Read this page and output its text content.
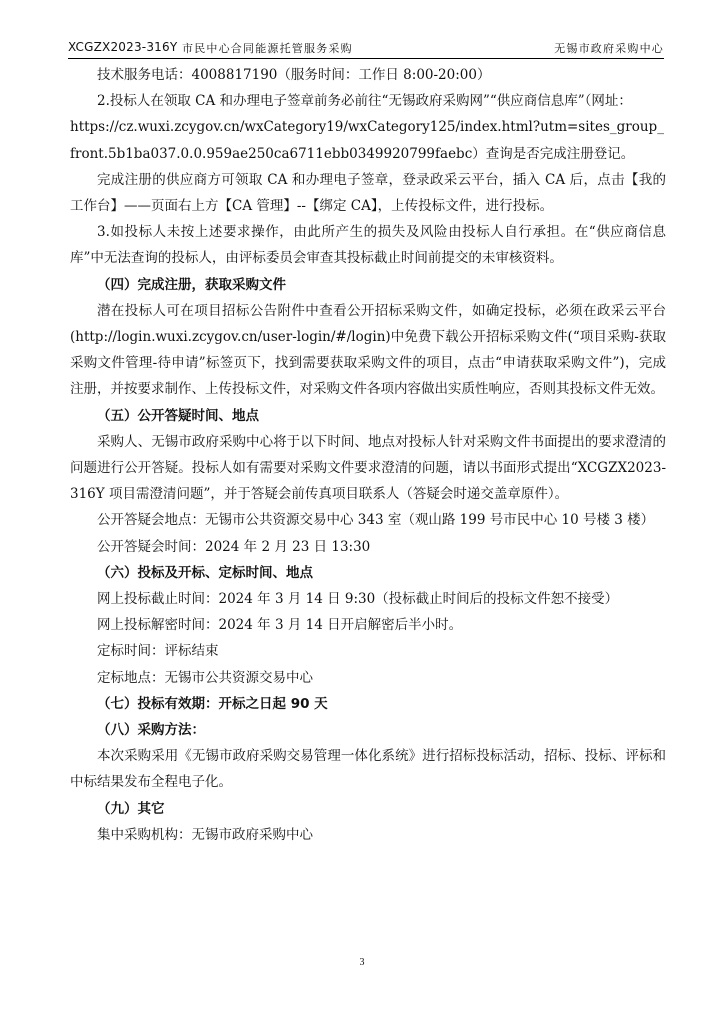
XCGZX2023-316Y 市民中心合同能源托管服务采购	无锡市政府采购中心

技术服务电话：4008817190（服务时间：工作日 8:00-20:00）

2.投标人在领取 CA 和办理电子签章前务必前往“无锡政府采购网”“供应商信息库”（网址：

https://cz.wuxi.zcygov.cn/wxCategory19/wxCategory125/index.html?utm=sites_group_front.5b1ba037.0.0.959ae250ca6711ebb0349920799faebc）查询是否完成注册登记。

完成注册的供应商方可领取 CA 和办理电子签章，登录政采云平台，插入 CA 后，点击【我的工作台】——页面右上方【CA 管理】--【绑定 CA】，上传投标文件，进行投标。

3.如投标人未按上述要求操作，由此所产生的损失及风险由投标人自行承担。在“供应商信息库”中无法查询的投标人，由评标委员会审查其投标截止时间前提交的未审核资料。

（四）完成注册，获取采购文件

潜在投标人可在项目招标公告附件中查看公开招标采购文件，如确定投标，必须在政采云平台(http://login.wuxi.zcygov.cn/user-login/#/login)中免费下载公开招标采购文件(“项目采购-获取采购文件管理-待申请”标签页下，找到需要获取采购文件的项目，点击“申请获取采购文件”)，完成注册，并按要求制作、上传投标文件，对采购文件各项内容做出实质性响应，否则其投标文件无效。

（五）公开答疑时间、地点

采购人、无锡市政府采购中心将于以下时间、地点对投标人针对采购文件书面提出的要求澄清的问题进行公开答疑。投标人如有需要对采购文件要求澄清的问题，请以书面形式提出“XCGZX2023-316Y 项目需澄清问题”，并于答疑会前传真项目联系人（答疑会时递交盖章原件）。

公开答疑会地点：无锡市公共资源交易中心 343 室（观山路 199 号市民中心 10 号楼 3 楼）

公开答疑会时间：2024 年 2 月 23 日 13:30

（六）投标及开标、定标时间、地点

网上投标截止时间：2024 年 3 月 14 日 9:30（投标截止时间后的投标文件恕不接受）

网上投标解密时间：2024 年 3 月 14 日开启解密后半小时。

定标时间：评标结束

定标地点：无锡市公共资源交易中心

（七）投标有效期：开标之日起 90 天

（八）采购方法：

本次采购采用《无锡市政府采购交易管理一体化系统》进行招标投标活动，招标、投标、评标和中标结果发布全程电子化。

（九）其它

集中采购机构：无锡市政府采购中心

3
